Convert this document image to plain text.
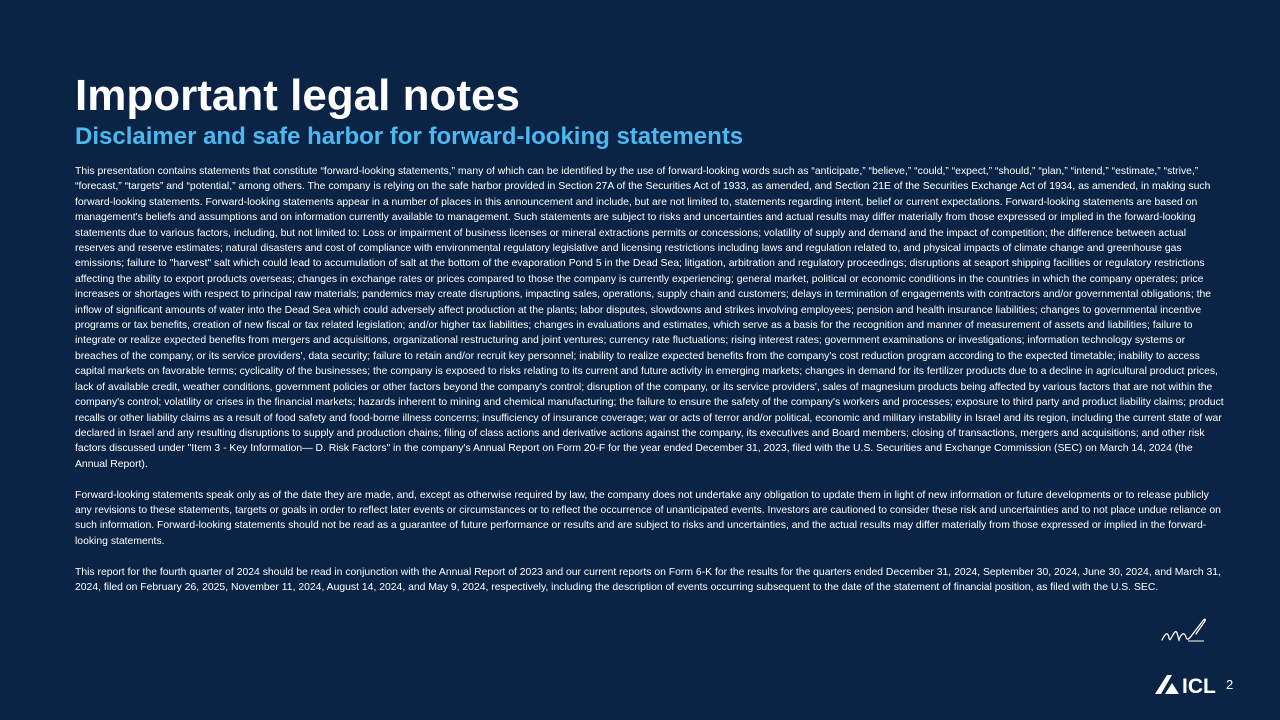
Important legal notes
Disclaimer and safe harbor for forward-looking statements

This presentation contains statements that constitute “forward-looking statements,” many of which can be identified by the use of forward-looking words such as “anticipate,” “believe,” “could,” “expect,” “should,” “plan,” “intend,” “estimate,” “strive,” “forecast,” “targets” and “potential,” among others. The company is relying on the safe harbor provided in Section 27A of the Securities Act of 1933, as amended, and Section 21E of the Securities Exchange Act of 1934, as amended, in making such forward-looking statements. Forward-looking statements appear in a number of places in this announcement and include, but are not limited to, statements regarding intent, belief or current expectations. Forward-looking statements are based on management's beliefs and assumptions and on information currently available to management. Such statements are subject to risks and uncertainties and actual results may differ materially from those expressed or implied in the forward-looking statements due to various factors, including, but not limited to: Loss or impairment of business licenses or mineral extractions permits or concessions; volatility of supply and demand and the impact of competition; the difference between actual reserves and reserve estimates; natural disasters and cost of compliance with environmental regulatory legislative and licensing restrictions including laws and regulation related to, and physical impacts of climate change and greenhouse gas emissions; failure to "harvest" salt which could lead to accumulation of salt at the bottom of the evaporation Pond 5 in the Dead Sea; litigation, arbitration and regulatory proceedings; disruptions at seaport shipping facilities or regulatory restrictions affecting the ability to export products overseas; changes in exchange rates or prices compared to those the company is currently experiencing; general market, political or economic conditions in the countries in which the company operates; price increases or shortages with respect to principal raw materials; pandemics may create disruptions, impacting sales, operations, supply chain and customers; delays in termination of engagements with contractors and/or governmental obligations; the inflow of significant amounts of water into the Dead Sea which could adversely affect production at the plants; labor disputes, slowdowns and strikes involving employees; pension and health insurance liabilities; changes to governmental incentive programs or tax benefits, creation of new fiscal or tax related legislation; and/or higher tax liabilities; changes in evaluations and estimates, which serve as a basis for the recognition and manner of measurement of assets and liabilities; failure to integrate or realize expected benefits from mergers and acquisitions, organizational restructuring and joint ventures; currency rate fluctuations; rising interest rates; government examinations or investigations; information technology systems or breaches of the company, or its service providers', data security; failure to retain and/or recruit key personnel; inability to realize expected benefits from the company's cost reduction program according to the expected timetable; inability to access capital markets on favorable terms; cyclicality of the businesses; the company is exposed to risks relating to its current and future activity in emerging markets; changes in demand for its fertilizer products due to a decline in agricultural product prices, lack of available credit, weather conditions, government policies or other factors beyond the company's control; disruption of the company, or its service providers', sales of magnesium products being affected by various factors that are not within the company's control; volatility or crises in the financial markets; hazards inherent to mining and chemical manufacturing; the failure to ensure the safety of the company's workers and processes; exposure to third party and product liability claims; product recalls or other liability claims as a result of food safety and food-borne illness concerns; insufficiency of insurance coverage; war or acts of terror and/or political, economic and military instability in Israel and its region, including the current state of war declared in Israel and any resulting disruptions to supply and production chains; filing of class actions and derivative actions against the company, its executives and Board members; closing of transactions, mergers and acquisitions; and other risk factors discussed under "Item 3 - Key Information— D. Risk Factors" in the company's Annual Report on Form 20-F for the year ended December 31, 2023, filed with the U.S. Securities and Exchange Commission (SEC) on March 14, 2024 (the Annual Report).

Forward-looking statements speak only as of the date they are made, and, except as otherwise required by law, the company does not undertake any obligation to update them in light of new information or future developments or to release publicly any revisions to these statements, targets or goals in order to reflect later events or circumstances or to reflect the occurrence of unanticipated events. Investors are cautioned to consider these risk and uncertainties and to not place undue reliance on such information. Forward-looking statements should not be read as a guarantee of future performance or results and are subject to risks and uncertainties, and the actual results may differ materially from those expressed or implied in the forward-looking statements.

This report for the fourth quarter of 2024 should be read in conjunction with the Annual Report of 2023 and our current reports on Form 6-K for the results for the quarters ended December 31, 2024, September 30, 2024, June 30, 2024, and March 31, 2024, filed on February 26, 2025, November 11, 2024, August 14, 2024, and May 9, 2024, respectively, including the description of events occurring subsequent to the date of the statement of financial position, as filed with the U.S. SEC.

ICL 2
